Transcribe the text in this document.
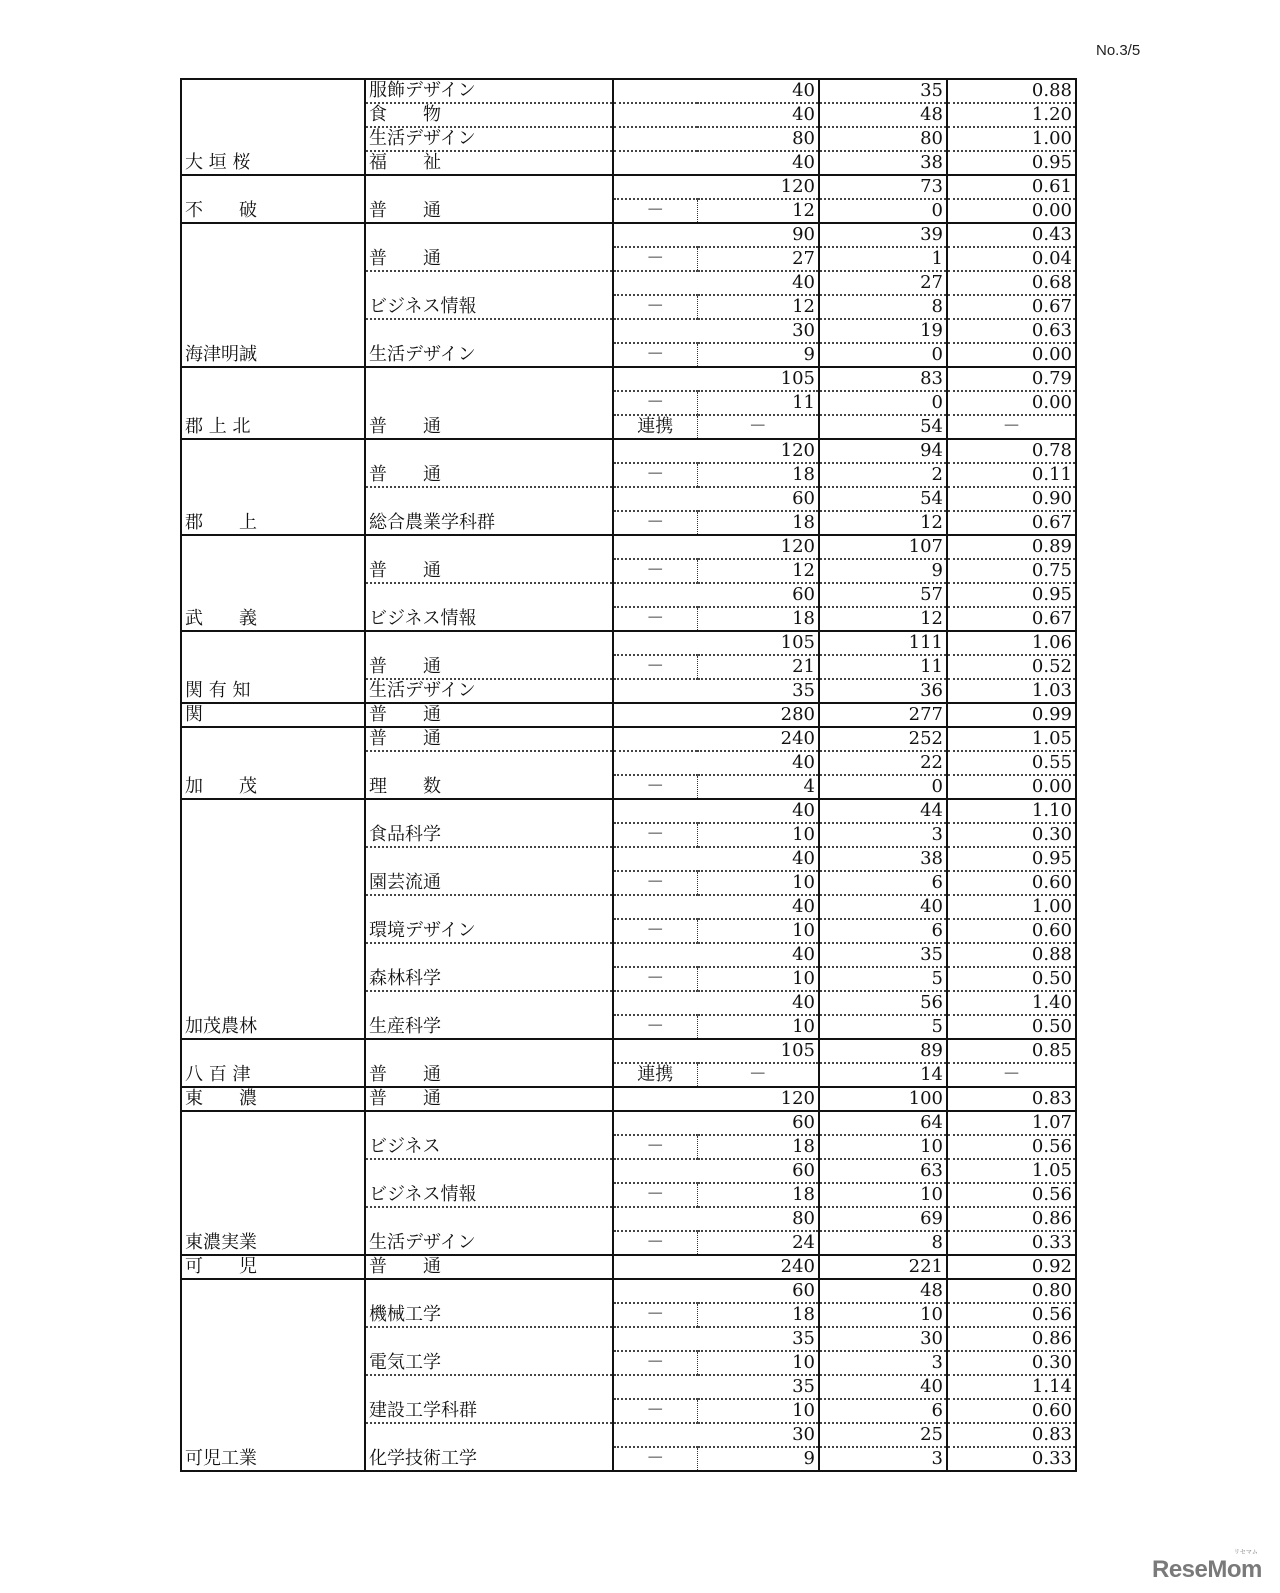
No.3/5
大 垣 桜	服飾デザイン		40	35	0.88
	食　　物		40	48	1.20
	生活デザイン		80	80	1.00
	福　　祉		40	38	0.95
不　　破	普　　通		120	73	0.61
		－	12	0	0.00
海津明誠	普　　通		90	39	0.43
		－	27	1	0.04
	ビジネス情報		40	27	0.68
		－	12	8	0.67
	生活デザイン		30	19	0.63
		－	9	0	0.00
郡 上 北	普　　通		105	83	0.79
		－	11	0	0.00
		連携	－	54	－
郡　　上	普　　通		120	94	0.78
		－	18	2	0.11
	総合農業学科群		60	54	0.90
		－	18	12	0.67
武　　義	普　　通		120	107	0.89
		－	12	9	0.75
	ビジネス情報		60	57	0.95
		－	18	12	0.67
関 有 知	普　　通		105	111	1.06
		－	21	11	0.52
	生活デザイン		35	36	1.03
関	普　　通		280	277	0.99
加　　茂	普　　通		240	252	1.05
	理　　数		40	22	0.55
		－	4	0	0.00
加茂農林	食品科学		40	44	1.10
		－	10	3	0.30
	園芸流通		40	38	0.95
		－	10	6	0.60
	環境デザイン		40	40	1.00
		－	10	6	0.60
	森林科学		40	35	0.88
		－	10	5	0.50
	生産科学		40	56	1.40
		－	10	5	0.50
八 百 津	普　　通		105	89	0.85
		連携	－	14	－
東　　濃	普　　通		120	100	0.83
東濃実業	ビジネス		60	64	1.07
		－	18	10	0.56
	ビジネス情報		60	63	1.05
		－	18	10	0.56
	生活デザイン		80	69	0.86
		－	24	8	0.33
可　　児	普　　通		240	221	0.92
可児工業	機械工学		60	48	0.80
		－	18	10	0.56
	電気工学		35	30	0.86
		－	10	3	0.30
	建設工学科群		35	40	1.14
		－	10	6	0.60
	化学技術工学		30	25	0.83
		－	9	3	0.33
リセマム
ReseMom
